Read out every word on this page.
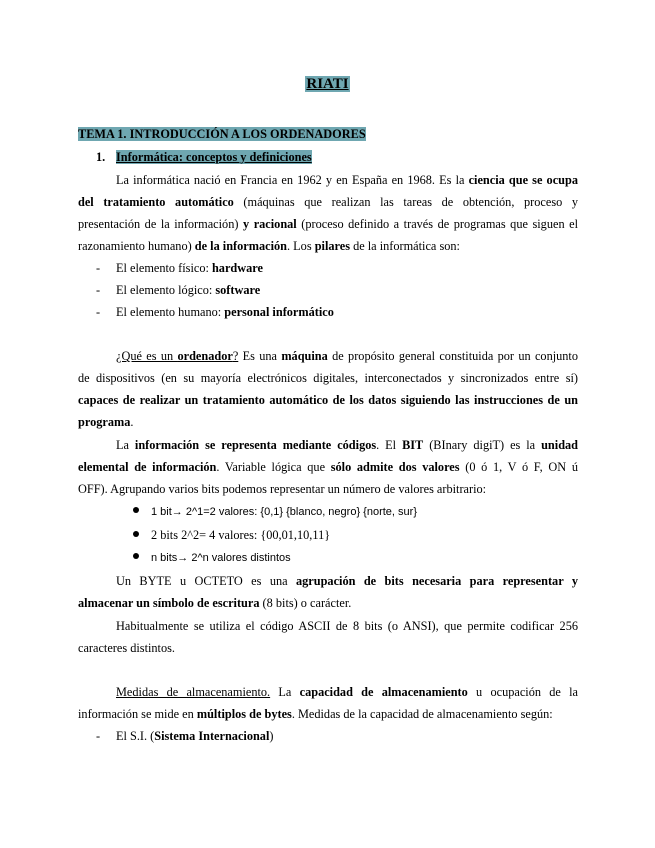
RIATI

TEMA 1. INTRODUCCIÓN A LOS ORDENADORES

1. Informática: conceptos y definiciones

La informática nació en Francia en 1962 y en España en 1968. Es la ciencia que se ocupa

del tratamiento automático (máquinas que realizan las tareas de obtención, proceso y

presentación de la información) y racional (proceso definido a través de programas que siguen el

razonamiento humano) de la información. Los pilares de la informática son:

- El elemento físico: hardware

- El elemento lógico: software

- El elemento humano: personal informático

¿Qué es un ordenador? Es una máquina de propósito general constituida por un conjunto

de dispositivos (en su mayoría electrónicos digitales, interconectados y sincronizados entre sí)

capaces de realizar un tratamiento automático de los datos siguiendo las instrucciones de un

programa.

La información se representa mediante códigos. El BIT (BInary digiT) es la unidad

elemental de información. Variable lógica que sólo admite dos valores (0 ó 1, V ó F, ON ú

OFF). Agrupando varios bits podemos representar un número de valores arbitrario:

1 bit→ 2^1=2 valores: {0,1} {blanco, negro} {norte, sur}
2 bits 2^2= 4 valores: {00,01,10,11}
n bits→ 2^n valores distintos

Un BYTE u OCTETO es una agrupación de bits necesaria para representar y

almacenar un símbolo de escritura (8 bits) o carácter.

Habitualmente se utiliza el código ASCII de 8 bits (o ANSI), que permite codificar 256

caracteres distintos.

Medidas de almacenamiento. La capacidad de almacenamiento u ocupación de la

información se mide en múltiplos de bytes. Medidas de la capacidad de almacenamiento según:

- El S.I. (Sistema Internacional)
